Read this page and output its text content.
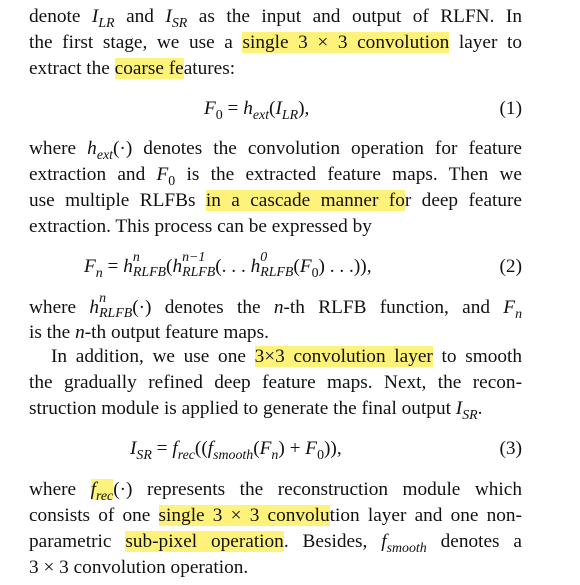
denote $I_{LR}$ and $I_{SR}$ as the input and output of RLFN. In
the first stage, we use a single 3 × 3 convolution layer to
extract the coarse features:
$F_0 = h_{ext}(I_{LR})$,	(1)
where $h_{ext}(\cdot)$ denotes the convolution operation for feature
extraction and $F_0$ is the extracted feature maps. Then we
use multiple RLFBs in a cascade manner for deep feature
extraction. This process can be expressed by
$F_n = h$ n
RLFB (h n−1
RLFB (. . . h 0
RLFB $(F_0)$ . . .)),	(2)
where h n
RLFB (·) denotes the n-th RLFB function, and $F_n$
is the n-th output feature maps.
In addition, we use one 3×3 convolution layer to smooth
the gradually refined deep feature maps. Next, the recon-
struction module is applied to generate the final output $I_{SR}$.
$I_{SR} = f_{rec}((f_{smooth}(F_n) + F_0))$,	(3)
where $f_{rec}(\cdot)$ represents the reconstruction module which
consists of one single 3 × 3 convolution layer and one non-
parametric sub-pixel operation. Besides, $f_{smooth}$ denotes a
3 × 3 convolution operation.
